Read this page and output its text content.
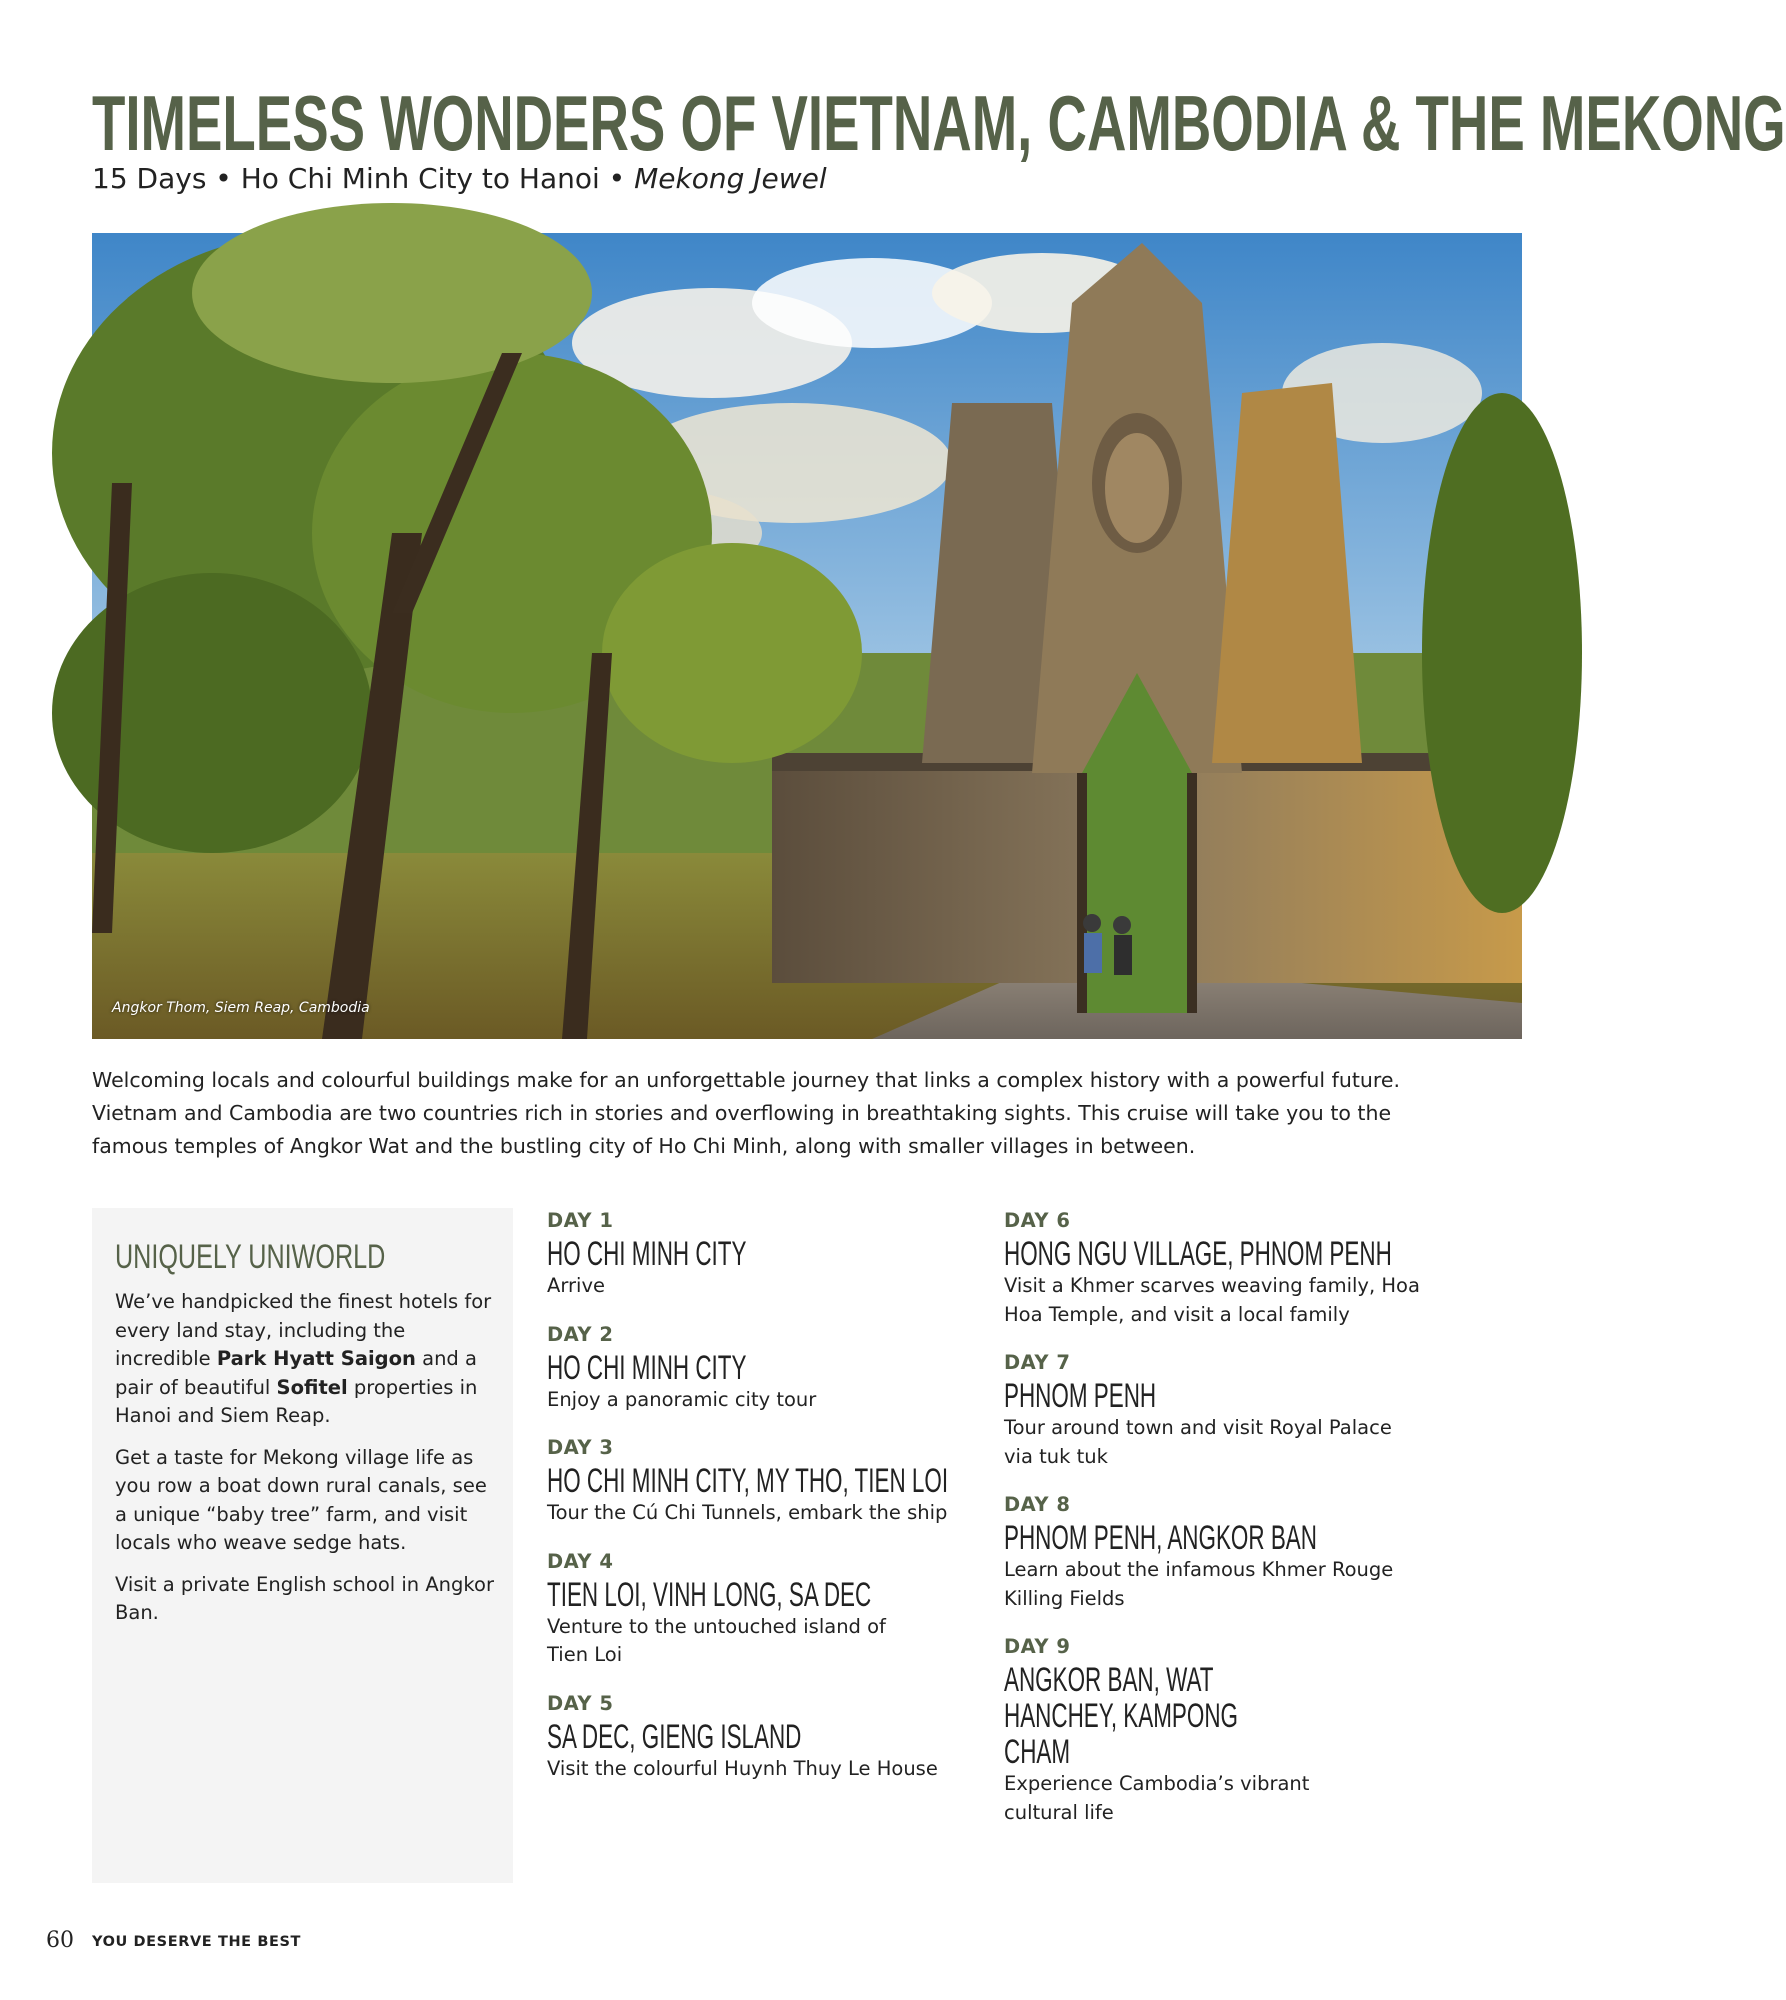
TIMELESS WONDERS OF VIETNAM, CAMBODIA & THE MEKONG
15 Days • Ho Chi Minh City to Hanoi • Mekong Jewel
Angkor Thom, Siem Reap, Cambodia
Welcoming locals and colourful buildings make for an unforgettable journey that links a complex history with a powerful future. Vietnam and Cambodia are two countries rich in stories and overflowing in breathtaking sights. This cruise will take you to the famous temples of Angkor Wat and the bustling city of Ho Chi Minh, along with smaller villages in between.
UNIQUELY UNIWORLD

We’ve handpicked the finest hotels for every land stay, including the incredible Park Hyatt Saigon and a pair of beautiful Sofitel properties in Hanoi and Siem Reap.

Get a taste for Mekong village life as you row a boat down rural canals, see a unique “baby tree” farm, and visit locals who weave sedge hats.

Visit a private English school in Angkor Ban.

DAY 1
HO CHI MINH CITY
Arrive
DAY 2
HO CHI MINH CITY
Enjoy a panoramic city tour
DAY 3
HO CHI MINH CITY, MY THO, TIEN LOI
Tour the Cú Chi Tunnels, embark the ship
DAY 4
TIEN LOI, VINH LONG, SA DEC
Venture to the untouched island of Tien Loi
DAY 5
SA DEC, GIENG ISLAND
Visit the colourful Huynh Thuy Le House
DAY 6
HONG NGU VILLAGE, PHNOM PENH
Visit a Khmer scarves weaving family, Hoa Hoa Temple, and visit a local family
DAY 7
PHNOM PENH
Tour around town and visit Royal Palace via tuk tuk
DAY 8
PHNOM PENH, ANGKOR BAN
Learn about the infamous Khmer Rouge Killing Fields
DAY 9
ANGKOR BAN, WAT HANCHEY, KAMPONG CHAM
Experience Cambodia’s vibrant cultural life
60 YOU DESERVE THE BEST
